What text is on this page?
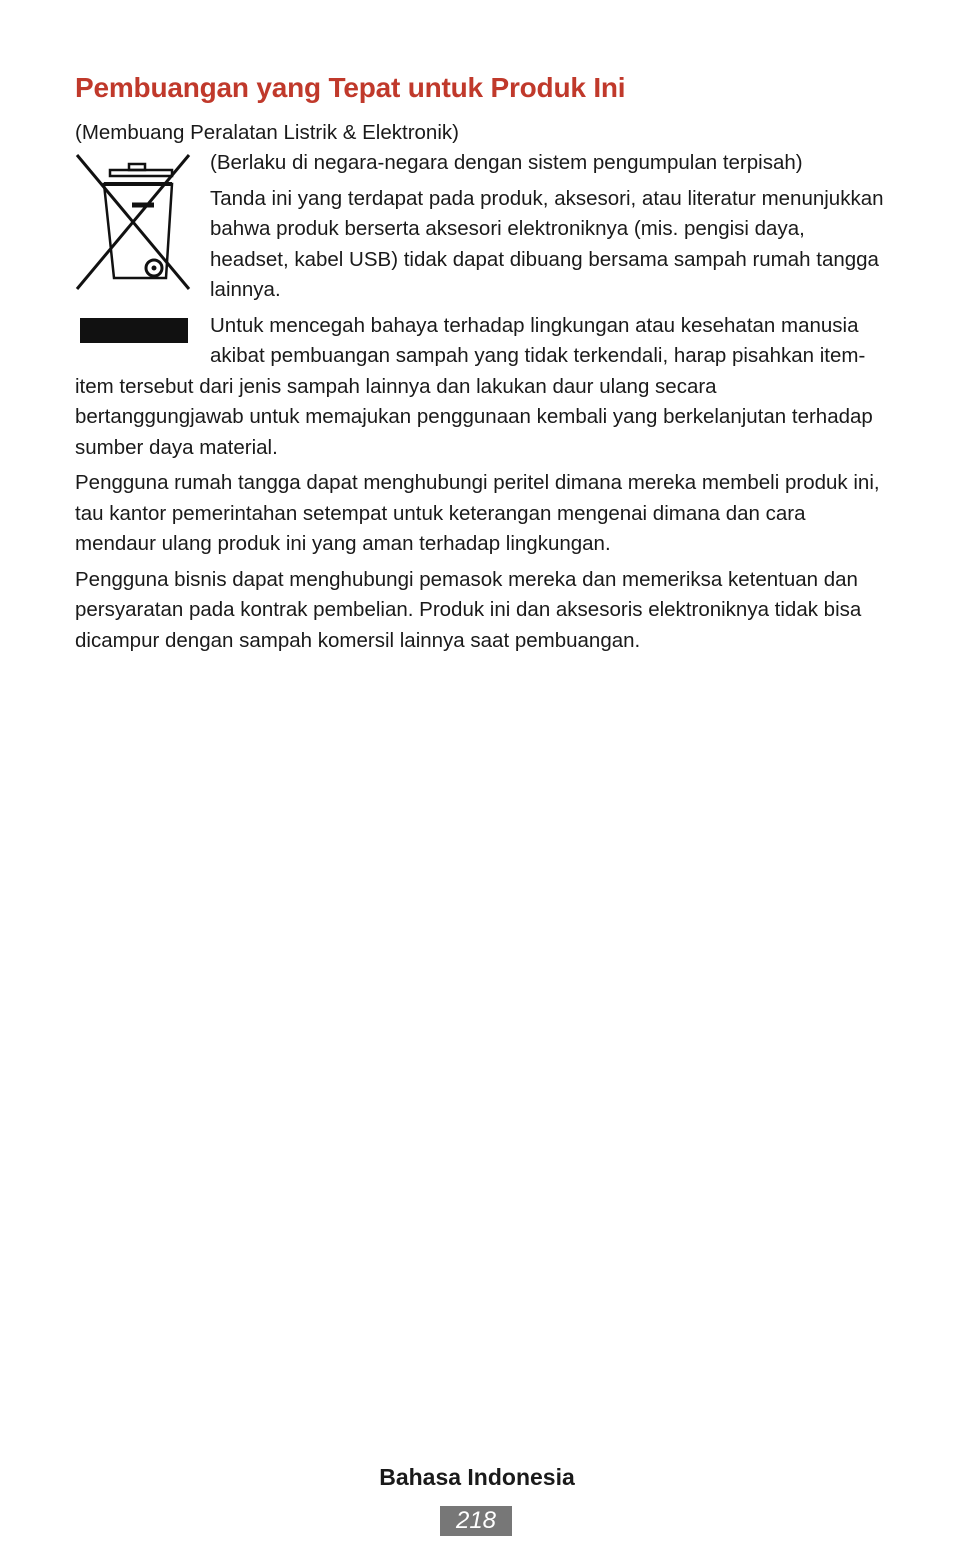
Pembuangan yang Tepat untuk Produk Ini
(Membuang Peralatan Listrik & Elektronik)

(Berlaku di negara-negara dengan sistem pengumpulan terpisah)

Tanda ini yang terdapat pada produk, aksesori, atau literatur menunjukkan bahwa produk berserta aksesori elektroniknya (mis. pengisi daya, headset, kabel USB) tidak dapat dibuang bersama sampah rumah tangga lainnya.

Untuk mencegah bahaya terhadap lingkungan atau kesehatan manusia akibat pembuangan sampah yang tidak terkendali, harap pisahkan item-item tersebut dari jenis sampah lainnya dan lakukan daur ulang secara bertanggungjawab untuk memajukan penggunaan kembali yang berkelanjutan terhadap sumber daya material.

Pengguna rumah tangga dapat menghubungi peritel dimana mereka membeli produk ini, tau kantor pemerintahan setempat untuk keterangan mengenai dimana dan cara mendaur ulang produk ini yang aman terhadap lingkungan.

Pengguna bisnis dapat menghubungi pemasok mereka dan memeriksa ketentuan dan persyaratan pada kontrak pembelian. Produk ini dan aksesoris elektroniknya tidak bisa dicampur dengan sampah komersil lainnya saat pembuangan.

Bahasa Indonesia
218
